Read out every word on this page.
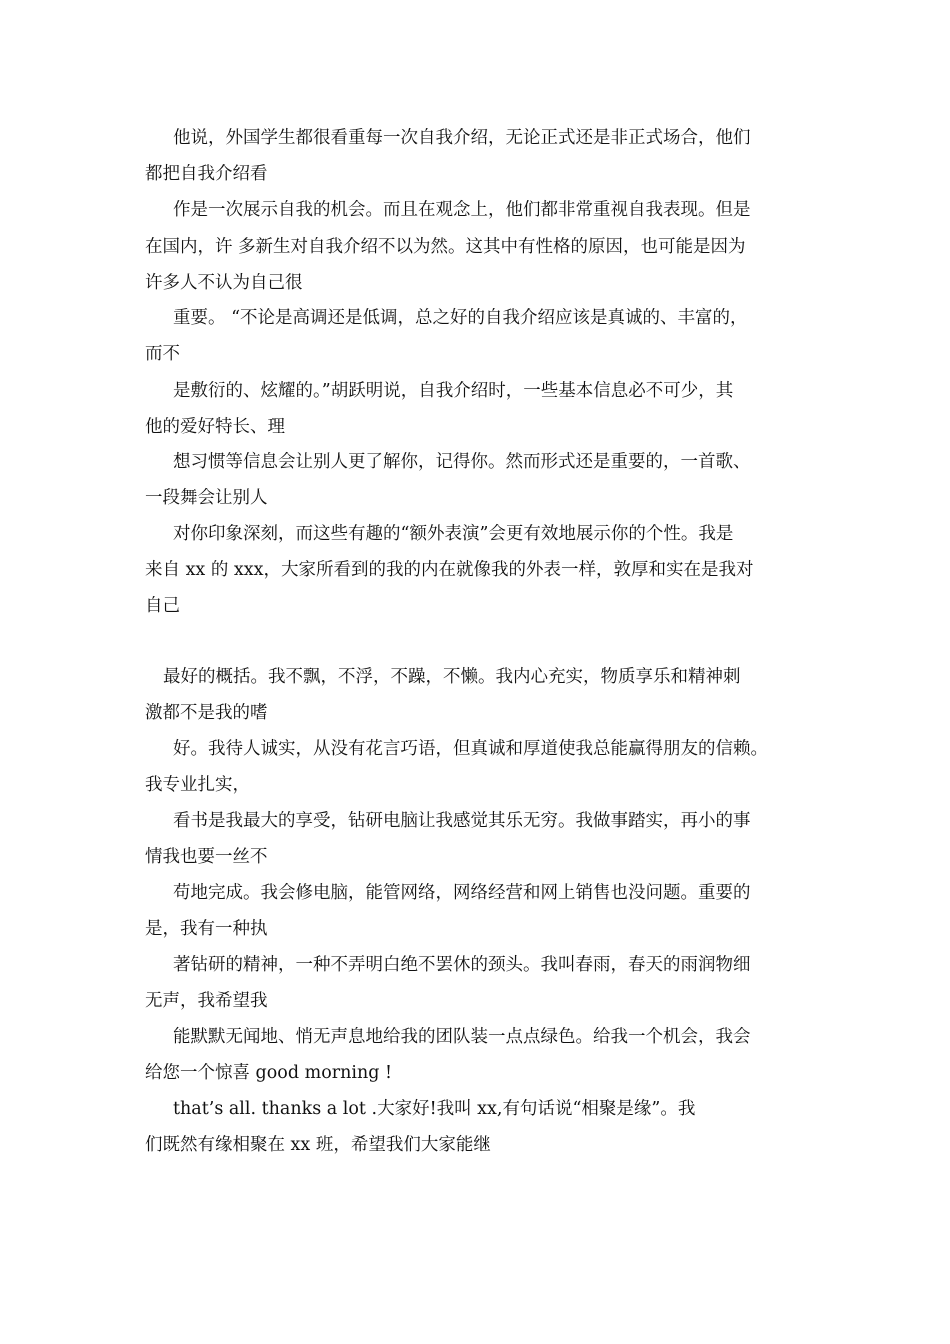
他说，外国学生都很看重每一次自我介绍，无论正式还是非正式场合，他们
都把自我介绍看
作是一次展示自我的机会。而且在观念上，他们都非常重视自我表现。但是
在国内，许 多新生对自我介绍不以为然。这其中有性格的原因，也可能是因为
许多人不认为自己很
重要。 “不论是高调还是低调，总之好的自我介绍应该是真诚的、丰富的，
而不
是敷衍的、炫耀的。”胡跃明说，自我介绍时，一些基本信息必不可少，其
他的爱好特长、理
想习惯等信息会让别人更了解你，记得你。然而形式还是重要的，一首歌、
一段舞会让别人
对你印象深刻，而这些有趣的“额外表演”会更有效地展示你的个性。我是
来自 xx 的 xxx，大家所看到的我的内在就像我的外表一样，敦厚和实在是我对
自己
最好的概括。我不飘，不浮，不躁，不懒。我内心充实，物质享乐和精神刺
激都不是我的嗜
好。我待人诚实，从没有花言巧语，但真诚和厚道使我总能赢得朋友的信赖。
我专业扎实，
看书是我最大的享受，钻研电脑让我感觉其乐无穷。我做事踏实，再小的事
情我也要一丝不
苟地完成。我会修电脑，能管网络，网络经营和网上销售也没问题。重要的
是，我有一种执
著钻研的精神，一种不弄明白绝不罢休的颈头。我叫春雨，春天的雨润物细
无声，我希望我
能默默无闻地、悄无声息地给我的团队装一点点绿色。给我一个机会，我会
给您一个惊喜 good morning !
that’s all. thanks a lot .大家好!我叫 xx,有句话说“相聚是缘”。我
们既然有缘相聚在 xx 班，希望我们大家能继
